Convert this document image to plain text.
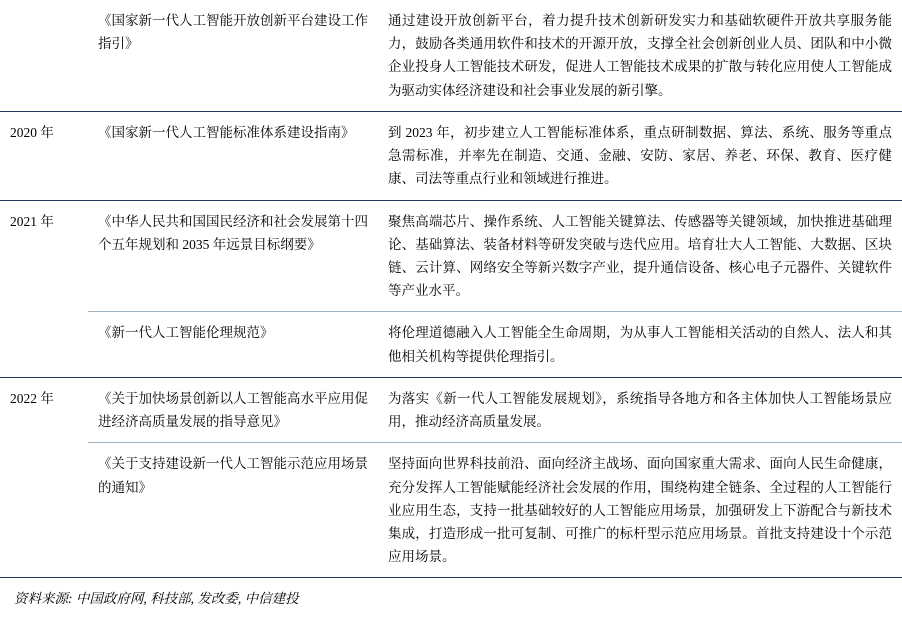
	《国家新一代人工智能开放创新平台建设工作指引》	通过建设开放创新平台，着力提升技术创新研发实力和基础软硬件开放共享服务能力，鼓励各类通用软件和技术的开源开放，支撑全社会创新创业人员、团队和中小微企业投身人工智能技术研发，促进人工智能技术成果的扩散与转化应用使人工智能成为驱动实体经济建设和社会事业发展的新引擎。
2020 年	《国家新一代人工智能标准体系建设指南》	到 2023 年，初步建立人工智能标准体系，重点研制数据、算法、系统、服务等重点急需标准，并率先在制造、交通、金融、安防、家居、养老、环保、教育、医疗健康、司法等重点行业和领域进行推进。
2021 年	《中华人民共和国国民经济和社会发展第十四个五年规划和 2035 年远景目标纲要》	聚焦高端芯片、操作系统、人工智能关键算法、传感器等关键领域，加快推进基础理论、基础算法、装备材料等研发突破与迭代应用。培育壮大人工智能、大数据、区块链、云计算、网络安全等新兴数字产业，提升通信设备、核心电子元器件、关键软件等产业水平。
	《新一代人工智能伦理规范》	将伦理道德融入人工智能全生命周期，为从事人工智能相关活动的自然人、法人和其他相关机构等提供伦理指引。
2022 年	《关于加快场景创新以人工智能高水平应用促进经济高质量发展的指导意见》	为落实《新一代人工智能发展规划》，系统指导各地方和各主体加快人工智能场景应用，推动经济高质量发展。
	《关于支持建设新一代人工智能示范应用场景的通知》	坚持面向世界科技前沿、面向经济主战场、面向国家重大需求、面向人民生命健康，充分发挥人工智能赋能经济社会发展的作用，围绕构建全链条、全过程的人工智能行业应用生态，支持一批基础较好的人工智能应用场景，加强研发上下游配合与新技术集成，打造形成一批可复制、可推广的标杆型示范应用场景。首批支持建设十个示范应用场景。
资料来源: 中国政府网, 科技部, 发改委, 中信建投
